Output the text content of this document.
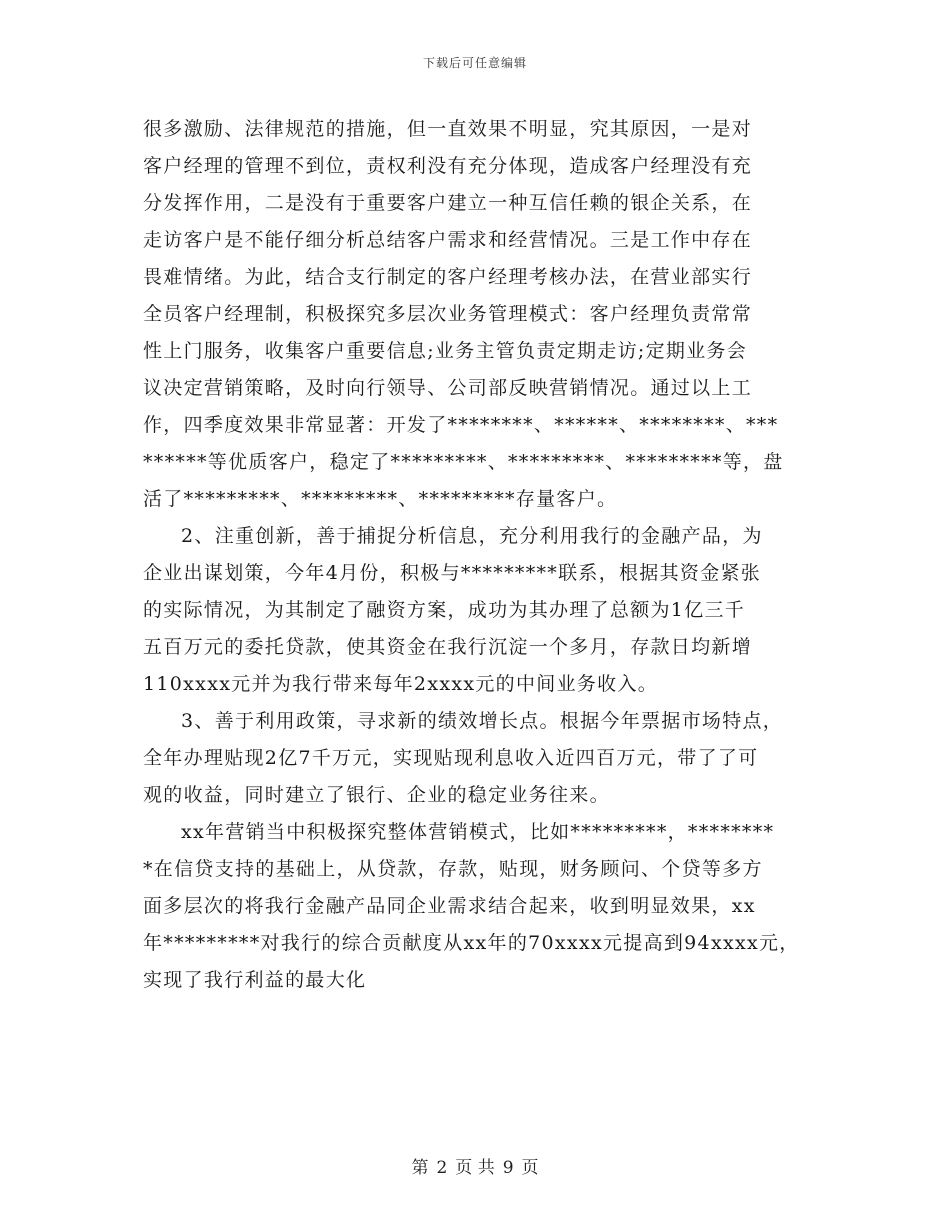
下载后可任意编辑
很多激励、法律规范的措施，但一直效果不明显，究其原因，一是对
客户经理的管理不到位，责权利没有充分体现，造成客户经理没有充
分发挥作用，二是没有于重要客户建立一种互信任赖的银企关系，在
走访客户是不能仔细分析总结客户需求和经营情况。三是工作中存在
畏难情绪。为此，结合支行制定的客户经理考核办法，在营业部实行
全员客户经理制，积极探究多层次业务管理模式：客户经理负责常常
性上门服务，收集客户重要信息;业务主管负责定期走访;定期业务会
议决定营销策略，及时向行领导、公司部反映营销情况。通过以上工
作，四季度效果非常显著：开发了********、******、********、***
******等优质客户，稳定了*********、*********、*********等，盘
活了*********、*********、*********存量客户。
2、注重创新，善于捕捉分析信息，充分利用我行的金融产品，为
企业出谋划策，今年4月份，积极与*********联系，根据其资金紧张
的实际情况，为其制定了融资方案，成功为其办理了总额为1亿三千
五百万元的委托贷款，使其资金在我行沉淀一个多月，存款日均新增
110xxxx元并为我行带来每年2xxxx元的中间业务收入。
3、善于利用政策，寻求新的绩效增长点。根据今年票据市场特点，
全年办理贴现2亿7千万元，实现贴现利息收入近四百万元，带了了可
观的收益，同时建立了银行、企业的稳定业务往来。
xx年营销当中积极探究整体营销模式，比如*********，********
*在信贷支持的基础上，从贷款，存款，贴现，财务顾问、个贷等多方
面多层次的将我行金融产品同企业需求结合起来，收到明显效果，xx
年*********对我行的综合贡献度从xx年的70xxxx元提高到94xxxx元，
实现了我行利益的最大化
第 2 页 共 9 页
